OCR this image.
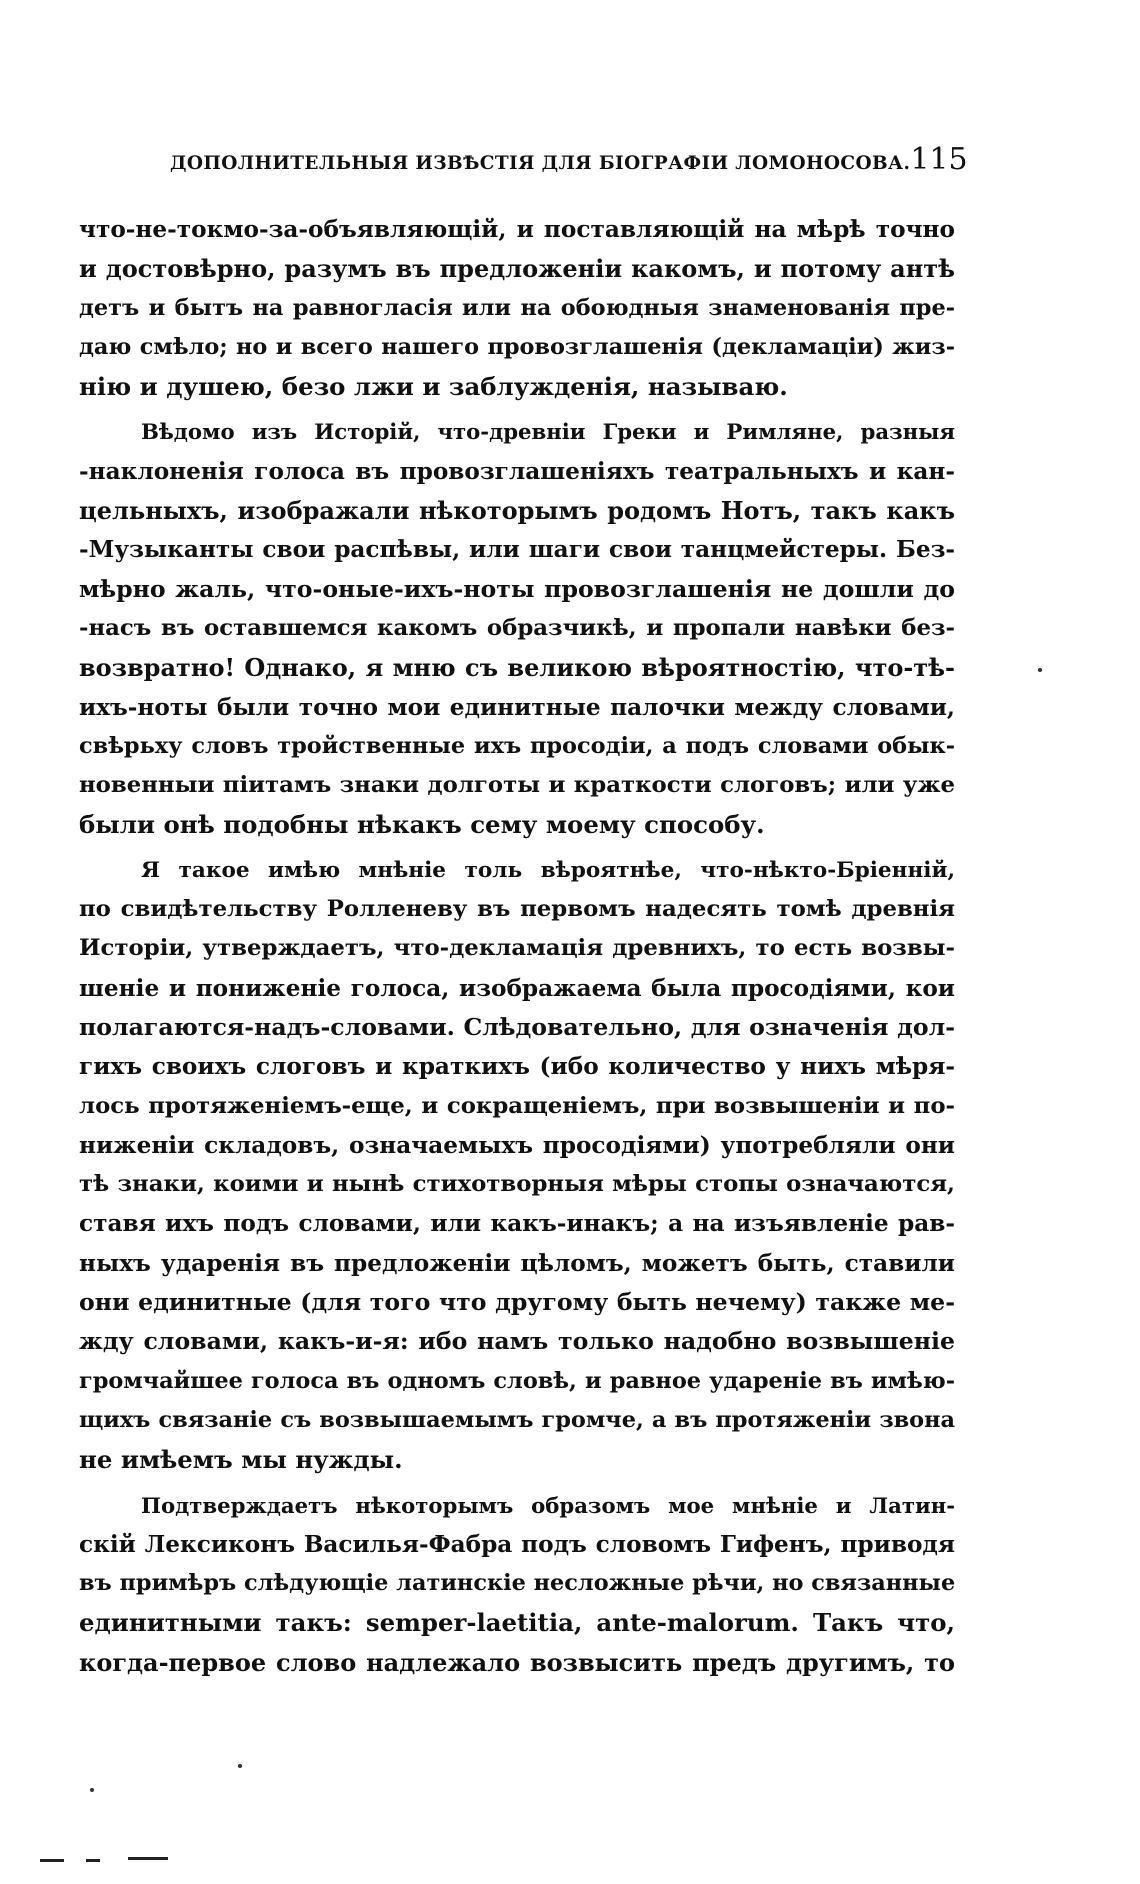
ДОПОЛНИТЕЛЬНЫЯ ИЗВѢСТІЯ ДЛЯ БІОГРАФІИ ЛОМОНОСОВА. 115
что-не-токмо-за-объявляющій, и поставляющій на мѣрѣ точно
и достовѣрно, разумъ въ предложеніи какомъ, и потому антѣ
детъ и бытъ на равногласія или на обоюдныя знаменованія пре-
даю смѣло; но и всего нашего провозглашенія (декламаціи) жиз-
нію и душею, безо лжи и заблужденія, называю.
Вѣдомо изъ Исторій, что-древніи Греки и Римляне, разныя
-наклоненія голоса въ провозглашеніяхъ театральныхъ и кан-
цельныхъ, изображали нѣкоторымъ родомъ Нотъ, такъ какъ
-Музыканты свои распѣвы, или шаги свои танцмейстеры. Без-
мѣрно жаль, что-оные-ихъ-ноты провозглашенія не дошли до
-насъ въ оставшемся какомъ образчикѣ, и пропали навѣки без-
возвратно! Однако, я мню съ великою вѣроятностію, что-тѣ-
ихъ-ноты были точно мои единитные палочки между словами,
свѣрьху словъ тройственные ихъ просодіи, а подъ словами обык-
новенныи піитамъ знаки долготы и краткости слоговъ; или уже
были онѣ подобны нѣкакъ сему моему способу.
Я такое имѣю мнѣніе толь вѣроятнѣе, что-нѣкто-Бріенній,
по свидѣтельству Ролленеву въ первомъ надесять томѣ древнія
Исторіи, утверждаетъ, что-декламація древнихъ, то есть возвы-
шеніе и пониженіе голоса, изображаема была просодіями, кои
полагаются-надъ-словами. Слѣдовательно, для означенія дол-
гихъ своихъ слоговъ и краткихъ (ибо количество у нихъ мѣря-
лось протяженіемъ-еще, и сокращеніемъ, при возвышеніи и по-
ниженіи складовъ, означаемыхъ просодіями) употребляли они
тѣ знаки, коими и нынѣ стихотворныя мѣры стопы означаются,
ставя ихъ подъ словами, или какъ-инакъ; а на изъявленіе рав-
ныхъ ударенія въ предложеніи цѣломъ, можетъ быть, ставили
они единитные (для того что другому быть нечему) также ме-
жду словами, какъ-и-я: ибо намъ только надобно возвышеніе
громчайшее голоса въ одномъ словѣ, и равное удареніе въ имѣю-
щихъ связаніе съ возвышаемымъ громче, а въ протяженіи звона
не имѣемъ мы нужды.
Подтверждаетъ нѣкоторымъ образомъ мое мнѣніе и Латин-
скій Лексиконъ Василья-Фабра подъ словомъ Гифенъ, приводя
въ примѣръ слѣдующіе латинскіе несложные рѣчи, но связанные
единитными такъ: semper-laetitia, ante-malorum. Такъ что,
когда-первое слово надлежало возвысить предъ другимъ, то
